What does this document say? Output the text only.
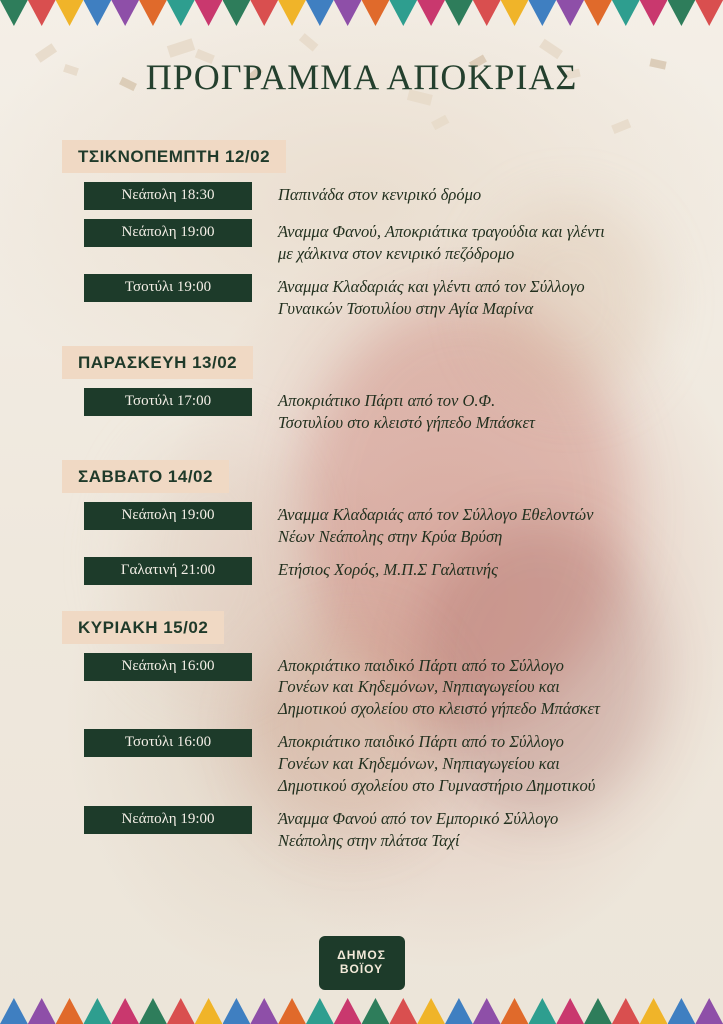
ΠΡΟΓΡΑΜΜΑ ΑΠΟΚΡΙΑΣ
ΤΣΙΚΝΟΠΕΜΠΤΗ 12/02
Νεάπολη 18:30	Παπινάδα στον κενιρικό δρόμο
Νεάπολη 19:00	Άναμμα Φανού, Αποκριάτικα τραγούδια και γλέντι
με χάλκινα στον κενιρικό πεζόδρομο
Τσοτύλι 19:00	Άναμμα Κλαδαριάς και γλέντι από τον Σύλλογο
Γυναικών Τσοτυλίου στην Αγία Μαρίνα
ΠΑΡΑΣΚΕΥΗ 13/02
Τσοτύλι 17:00	Αποκριάτικο Πάρτι από τον Ο.Φ.
Τσοτυλίου στο κλειστό γήπεδο Μπάσκετ
ΣΑΒΒΑΤΟ 14/02
Νεάπολη 19:00	Άναμμα Κλαδαριάς από τον Σύλλογο Εθελοντών
Νέων Νεάπολης στην Κρύα Βρύση
Γαλατινή 21:00	Ετήσιος Χορός, Μ.Π.Σ Γαλατινής
ΚΥΡΙΑΚΗ 15/02
Νεάπολη 16:00	Αποκριάτικο παιδικό Πάρτι από το Σύλλογο
Γονέων και Κηδεμόνων, Νηπιαγωγείου και
Δημοτικού σχολείου στο κλειστό γήπεδο Μπάσκετ
Τσοτύλι 16:00	Αποκριάτικο παιδικό Πάρτι από το Σύλλογο
Γονέων και Κηδεμόνων, Νηπιαγωγείου και
Δημοτικού σχολείου στο Γυμναστήριο Δημοτικού
Νεάπολη 19:00	Άναμμα Φανού από τον Εμπορικό Σύλλογο
Νεάπολης στην πλάτσα Ταχί
ΔΗΜΟΣ
ΒΟΪΟΥ
